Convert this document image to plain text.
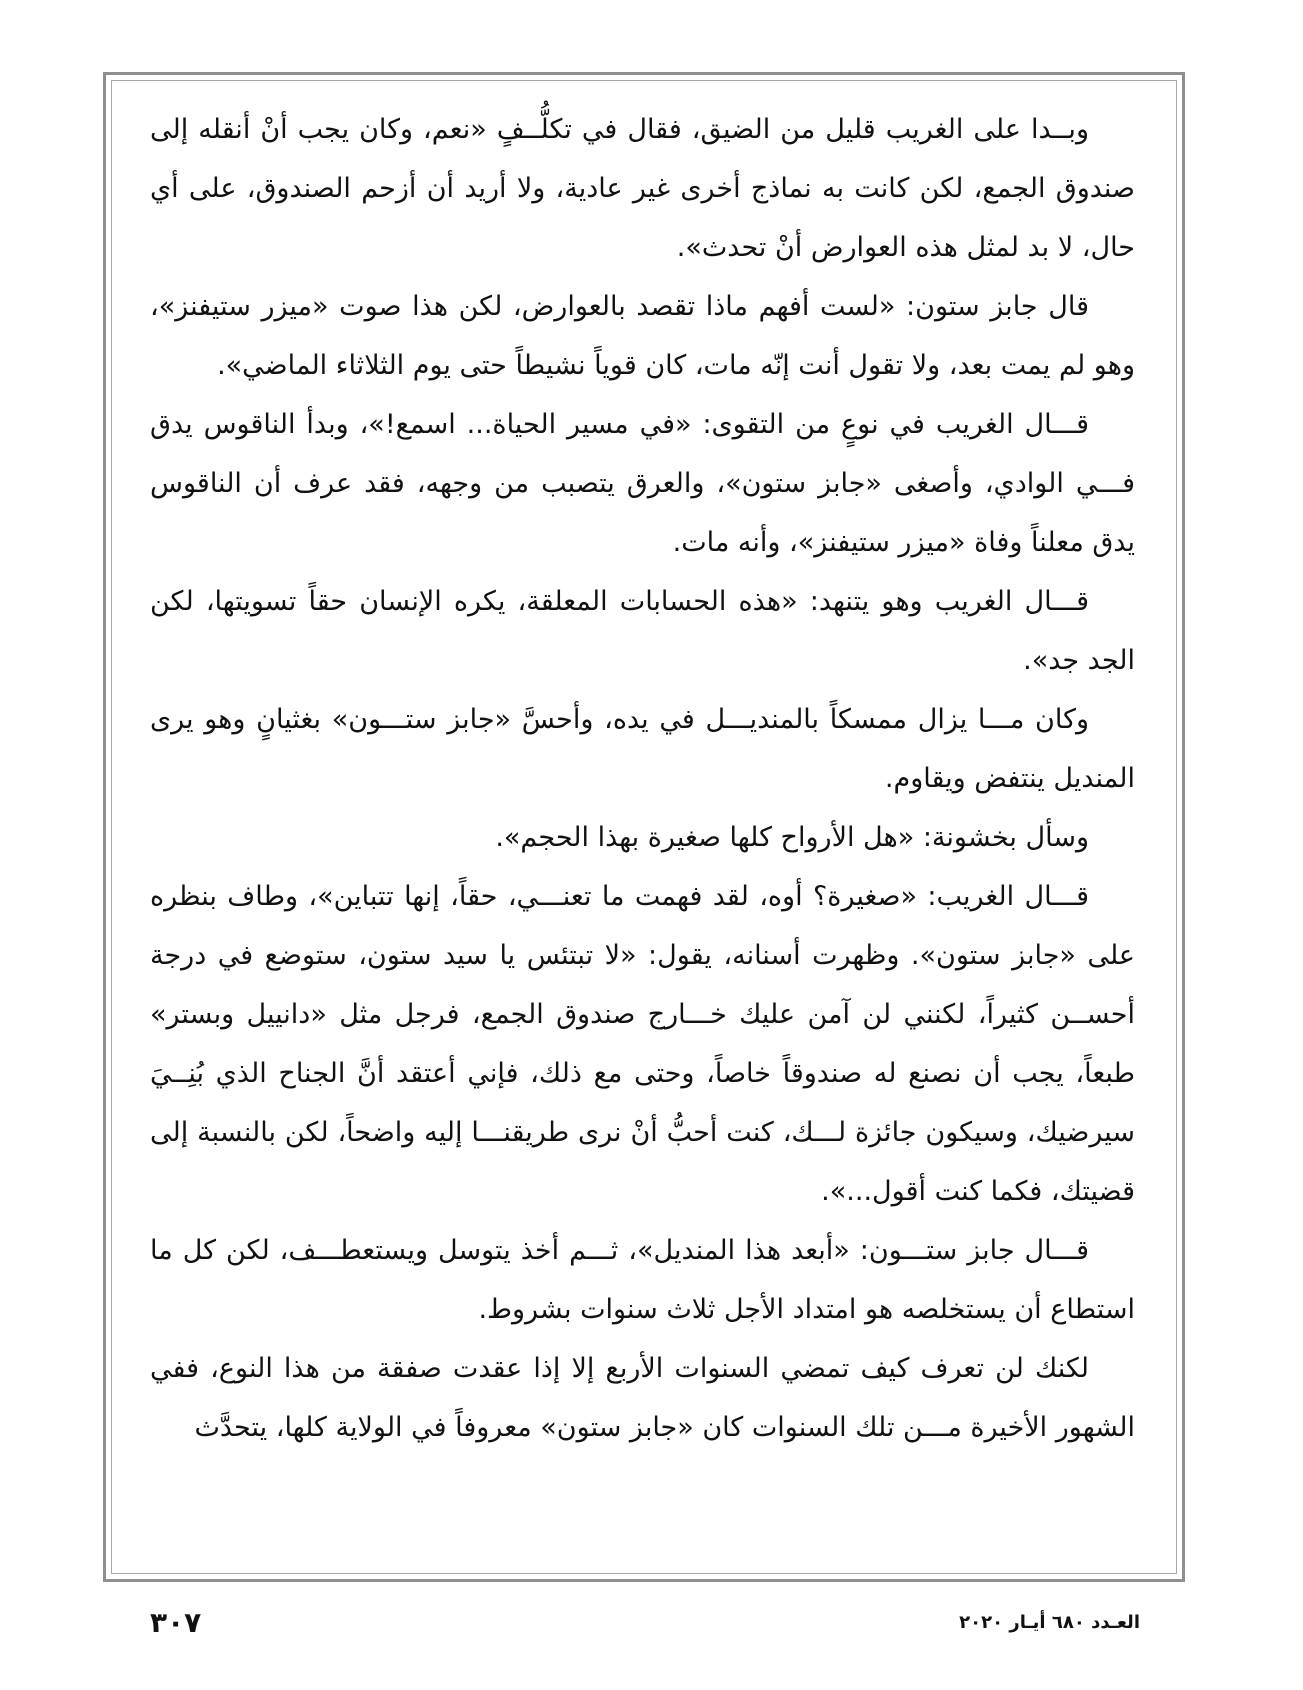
وبــدا على الغريب قليل من الضيق، فقال في تكلُّــفٍ «نعم، وكان يجب أنْ أنقله إلى صندوق الجمع، لكن كانت به نماذج أخرى غير عادية، ولا أريد أن أزحم الصندوق، على أي حال، لا بد لمثل هذه العوارض أنْ تحدث».

قال جابز ستون: «لست أفهم ماذا تقصد بالعوارض، لكن هذا صوت «ميزر ستيفنز»، وهو لم يمت بعد، ولا تقول أنت إنّه مات، كان قوياً نشيطاً حتى يوم الثلاثاء الماضي».

قـــال الغريب في نوعٍ من التقوى: «في مسير الحياة... اسمع!»، وبدأ الناقوس يدق فـــي الوادي، وأصغى «جابز ستون»، والعرق يتصبب من وجهه، فقد عرف أن الناقوس يدق معلناً وفاة «ميزر ستيفنز»، وأنه مات.

قـــال الغريب وهو يتنهد: «هذه الحسابات المعلقة، يكره الإنسان حقاً تسويتها، لكن الجد جد».

وكان مـــا يزال ممسكاً بالمنديـــل في يده، وأحسَّ «جابز ستـــون» بغثيانٍ وهو يرى المنديل ينتفض ويقاوم.

وسأل بخشونة: «هل الأرواح كلها صغيرة بهذا الحجم».

قـــال الغريب: «صغيرة؟ أوه، لقد فهمت ما تعنـــي، حقاً، إنها تتباين»، وطاف بنظره على «جابز ستون». وظهرت أسنانه، يقول: «لا تبتئس يا سيد ستون، ستوضع في درجة أحســن كثيراً، لكنني لن آمن عليك خـــارج صندوق الجمع، فرجل مثل «دانييل وبستر» طبعاً، يجب أن نصنع له صندوقاً خاصاً، وحتى مع ذلك، فإني أعتقد أنَّ الجناح الذي بُنِــيَ سيرضيك، وسيكون جائزة لـــك، كنت أحبُّ أنْ نرى طريقنـــا إليه واضحاً، لكن بالنسبة إلى قضيتك، فكما كنت أقول...».

قـــال جابز ستـــون: «أبعد هذا المنديل»، ثـــم أخذ يتوسل ويستعطـــف، لكن كل ما استطاع أن يستخلصه هو امتداد الأجل ثلاث سنوات بشروط.

لكنك لن تعرف كيف تمضي السنوات الأربع إلا إذا عقدت صفقة من هذا النوع، ففي الشهور الأخيرة مـــن تلك السنوات كان «جابز ستون» معروفاً في الولاية كلها، يتحدَّث

العـدد ٦٨٠ أيـار ٢٠٢٠
٣٠٧
